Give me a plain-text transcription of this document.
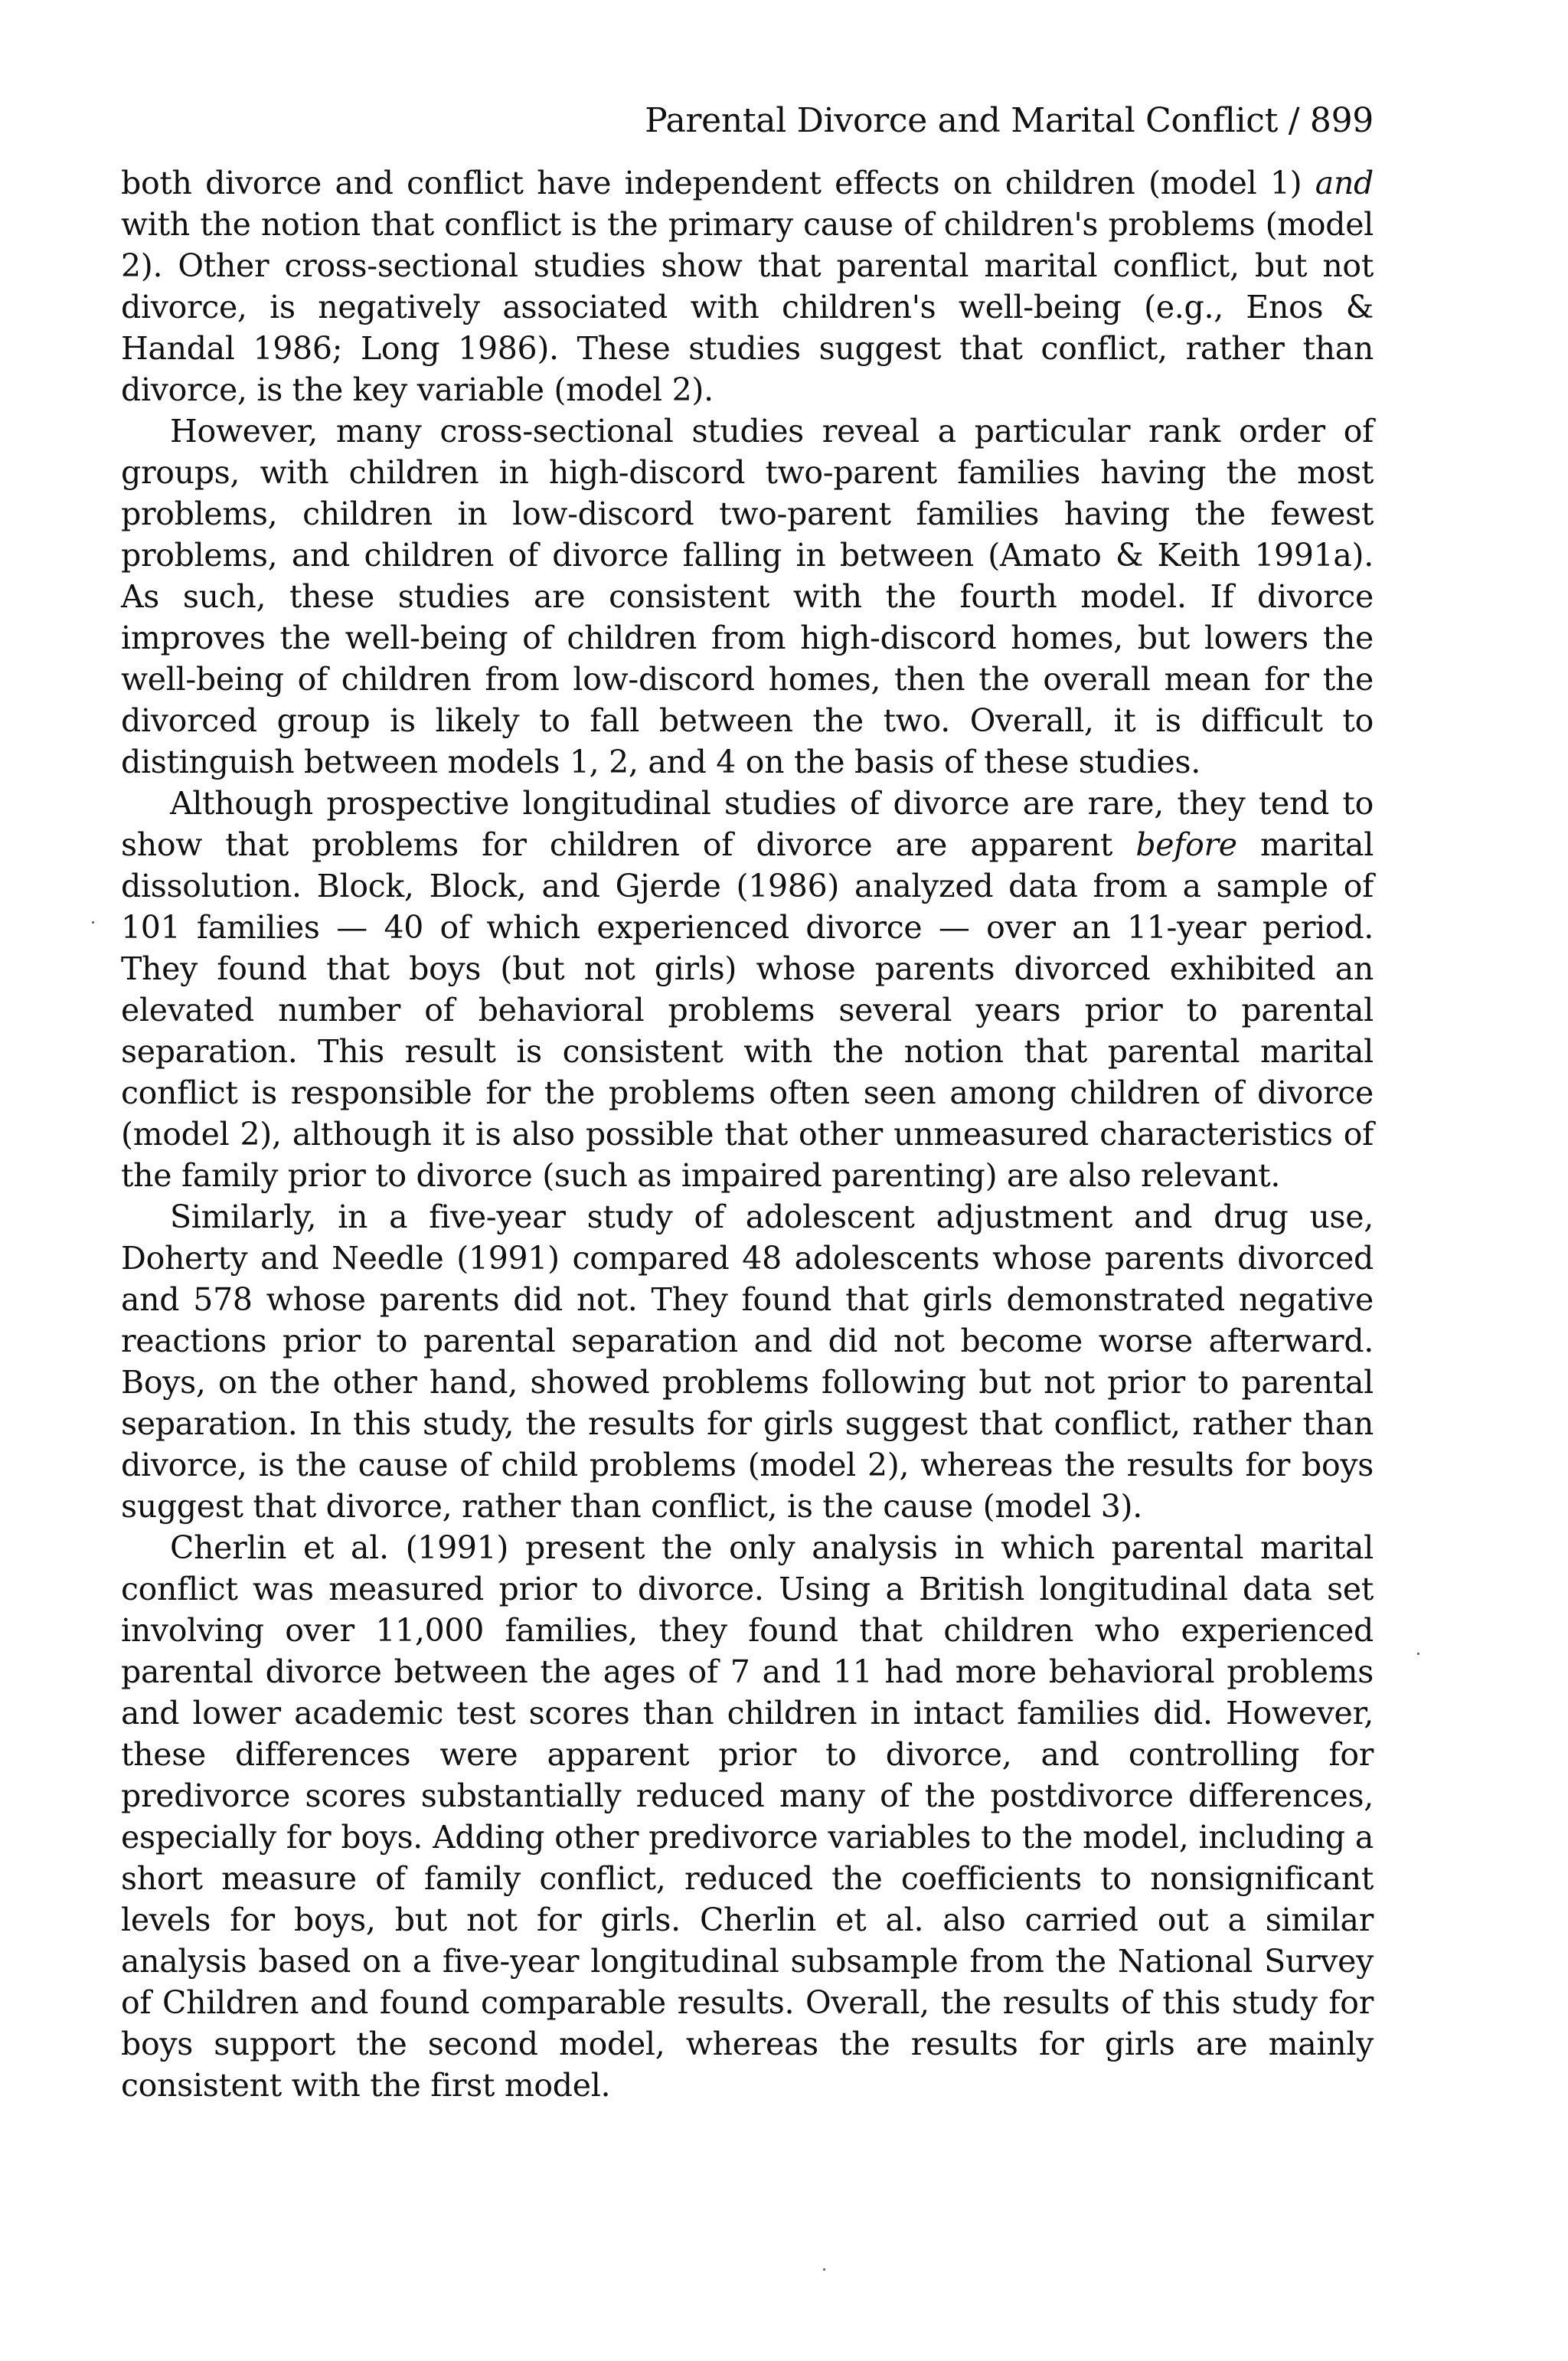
Parental Divorce and Marital Conflict / 899

both divorce and conflict have independent effects on children (model 1) and with the notion that conflict is the primary cause of children's problems (model 2). Other cross-sectional studies show that parental marital conflict, but not divorce, is negatively associated with children's well-being (e.g., Enos & Handal 1986; Long 1986). These studies suggest that conflict, rather than divorce, is the key variable (model 2).

However, many cross-sectional studies reveal a particular rank order of groups, with children in high-discord two-parent families having the most problems, children in low-discord two-parent families having the fewest problems, and children of divorce falling in between (Amato & Keith 1991a). As such, these studies are consistent with the fourth model. If divorce improves the well-being of children from high-discord homes, but lowers the well-being of children from low-discord homes, then the overall mean for the divorced group is likely to fall between the two. Overall, it is difficult to distinguish between models 1, 2, and 4 on the basis of these studies.

Although prospective longitudinal studies of divorce are rare, they tend to show that problems for children of divorce are apparent before marital dissolution. Block, Block, and Gjerde (1986) analyzed data from a sample of 101 families — 40 of which experienced divorce — over an 11-year period. They found that boys (but not girls) whose parents divorced exhibited an elevated number of behavioral problems several years prior to parental separation. This result is consistent with the notion that parental marital conflict is responsible for the problems often seen among children of divorce (model 2), although it is also possible that other unmeasured characteristics of the family prior to divorce (such as impaired parenting) are also relevant.

Similarly, in a five-year study of adolescent adjustment and drug use, Doherty and Needle (1991) compared 48 adolescents whose parents divorced and 578 whose parents did not. They found that girls demonstrated negative reactions prior to parental separation and did not become worse afterward. Boys, on the other hand, showed problems following but not prior to parental separation. In this study, the results for girls suggest that conflict, rather than divorce, is the cause of child problems (model 2), whereas the results for boys suggest that divorce, rather than conflict, is the cause (model 3).

Cherlin et al. (1991) present the only analysis in which parental marital conflict was measured prior to divorce. Using a British longitudinal data set involving over 11,000 families, they found that children who experienced parental divorce between the ages of 7 and 11 had more behavioral problems and lower academic test scores than children in intact families did. However, these differences were apparent prior to divorce, and controlling for predivorce scores substantially reduced many of the postdivorce differences, especially for boys. Adding other predivorce variables to the model, including a short measure of family conflict, reduced the coefficients to nonsignificant levels for boys, but not for girls. Cherlin et al. also carried out a similar analysis based on a five-year longitudinal subsample from the National Survey of Children and found comparable results. Overall, the results of this study for boys support the second model, whereas the results for girls are mainly consistent with the first model.
